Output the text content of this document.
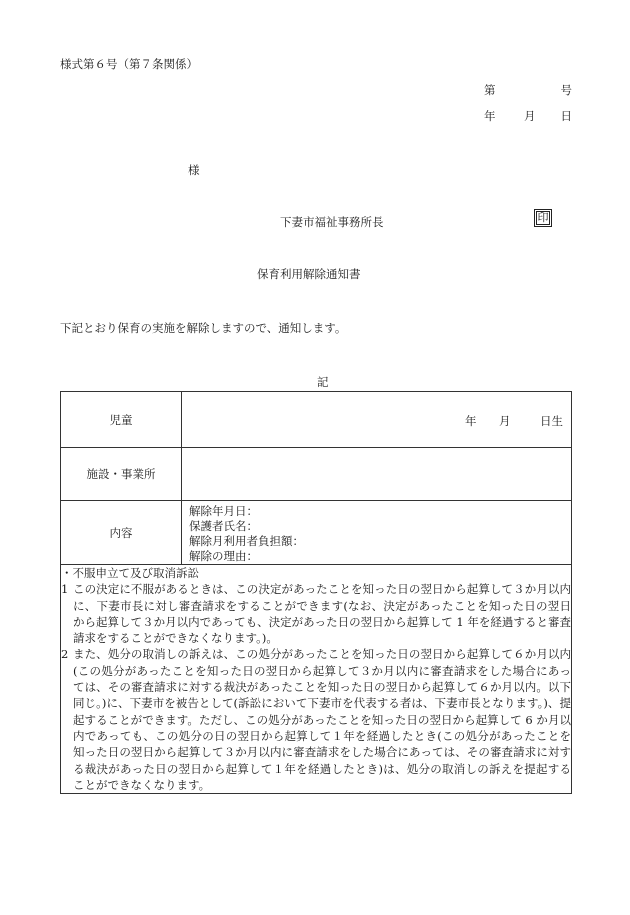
様式第６号（第７条関係）
第	号
年 月 日
様
下妻市福祉事務所長	印
保育利用解除通知書
下記とおり保育の実施を解除しますので、通知します。
記
児童	年 月 日生

施設・事業所	
内容	解除年月日：
保護者氏名：
解除月利用者負担額：
解除の理由：

・不服申立て及び取消訴訟
1 この決定に不服があるときは、この決定があったことを知った日の翌日から起算して３か月以内に、下妻市長に対し審査請求をすることができます(なお、決定があったことを知った日の翌日から起算して３か月以内であっても、決定があった日の翌日から起算して 1 年を経過すると審査請求をすることができなくなります。)。
2 また、処分の取消しの訴えは、この処分があったことを知った日の翌日から起算して６か月以内(この処分があったことを知った日の翌日から起算して３か月以内に審査請求をした場合にあっては、その審査請求に対する裁決があったことを知った日の翌日から起算して６か月以内。以下同じ。)に、下妻市を被告として(訴訟において下妻市を代表する者は、下妻市長となります。)、提起することができます。ただし、この処分があったことを知った日の翌日から起算して 6 か月以内であっても、この処分の日の翌日から起算して１年を経過したとき(この処分があったことを知った日の翌日から起算して３か月以内に審査請求をした場合にあっては、その審査請求に対する裁決があった日の翌日から起算して１年を経過したとき)は、処分の取消しの訴えを提起することができなくなります。	
